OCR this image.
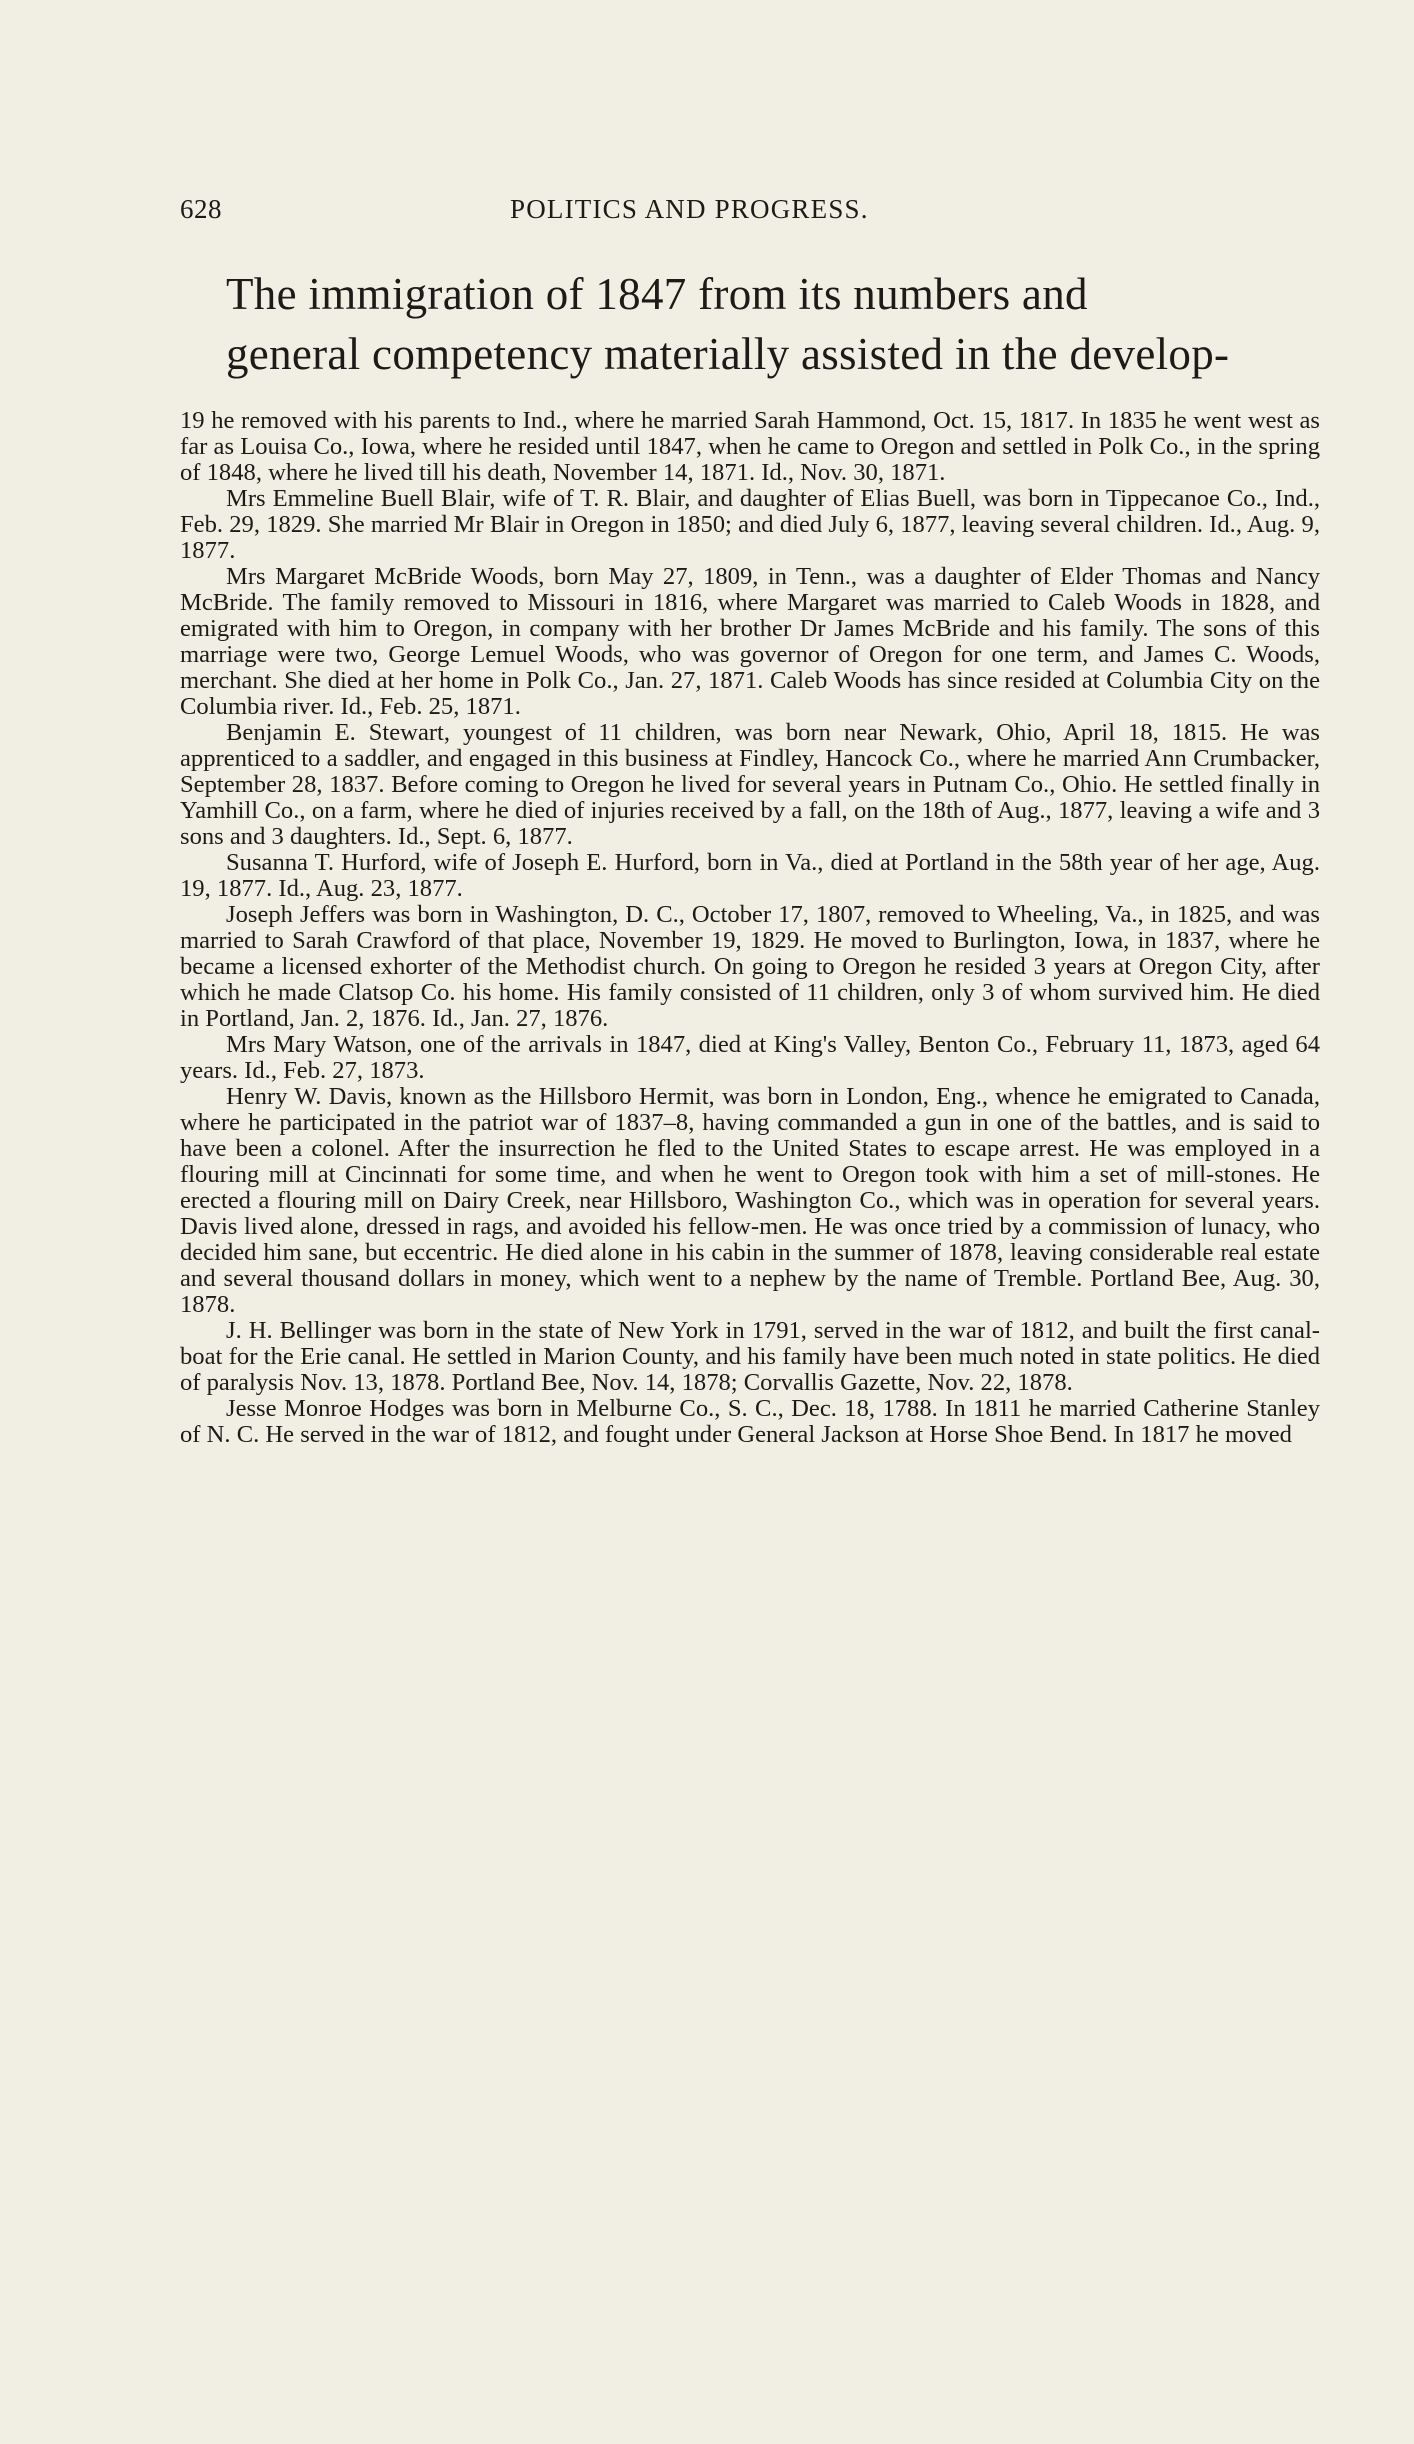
628	POLITICS AND PROGRESS.

The immigration of 1847 from its numbers and

general competency materially assisted in the develop-

19 he removed with his parents to Ind., where he married Sarah Hammond, Oct. 15, 1817. In 1835 he went west as far as Louisa Co., Iowa, where he resided until 1847, when he came to Oregon and settled in Polk Co., in the spring of 1848, where he lived till his death, November 14, 1871. Id., Nov. 30, 1871.

Mrs Emmeline Buell Blair, wife of T. R. Blair, and daughter of Elias Buell, was born in Tippecanoe Co., Ind., Feb. 29, 1829. She married Mr Blair in Oregon in 1850; and died July 6, 1877, leaving several children. Id., Aug. 9, 1877.

Mrs Margaret McBride Woods, born May 27, 1809, in Tenn., was a daughter of Elder Thomas and Nancy McBride. The family removed to Missouri in 1816, where Margaret was married to Caleb Woods in 1828, and emigrated with him to Oregon, in company with her brother Dr James McBride and his family. The sons of this marriage were two, George Lemuel Woods, who was governor of Oregon for one term, and James C. Woods, merchant. She died at her home in Polk Co., Jan. 27, 1871. Caleb Woods has since resided at Columbia City on the Columbia river. Id., Feb. 25, 1871.

Benjamin E. Stewart, youngest of 11 children, was born near Newark, Ohio, April 18, 1815. He was apprenticed to a saddler, and engaged in this business at Findley, Hancock Co., where he married Ann Crumbacker, September 28, 1837. Before coming to Oregon he lived for several years in Putnam Co., Ohio. He settled finally in Yamhill Co., on a farm, where he died of injuries received by a fall, on the 18th of Aug., 1877, leaving a wife and 3 sons and 3 daughters. Id., Sept. 6, 1877.

Susanna T. Hurford, wife of Joseph E. Hurford, born in Va., died at Portland in the 58th year of her age, Aug. 19, 1877. Id., Aug. 23, 1877.

Joseph Jeffers was born in Washington, D. C., October 17, 1807, removed to Wheeling, Va., in 1825, and was married to Sarah Crawford of that place, November 19, 1829. He moved to Burlington, Iowa, in 1837, where he became a licensed exhorter of the Methodist church. On going to Oregon he resided 3 years at Oregon City, after which he made Clatsop Co. his home. His family consisted of 11 children, only 3 of whom survived him. He died in Portland, Jan. 2, 1876. Id., Jan. 27, 1876.

Mrs Mary Watson, one of the arrivals in 1847, died at King's Valley, Benton Co., February 11, 1873, aged 64 years. Id., Feb. 27, 1873.

Henry W. Davis, known as the Hillsboro Hermit, was born in London, Eng., whence he emigrated to Canada, where he participated in the patriot war of 1837–8, having commanded a gun in one of the battles, and is said to have been a colonel. After the insurrection he fled to the United States to escape arrest. He was employed in a flouring mill at Cincinnati for some time, and when he went to Oregon took with him a set of mill-stones. He erected a flouring mill on Dairy Creek, near Hillsboro, Washington Co., which was in operation for several years. Davis lived alone, dressed in rags, and avoided his fellow-men. He was once tried by a commission of lunacy, who decided him sane, but eccentric. He died alone in his cabin in the summer of 1878, leaving considerable real estate and several thousand dollars in money, which went to a nephew by the name of Tremble. Portland Bee, Aug. 30, 1878.

J. H. Bellinger was born in the state of New York in 1791, served in the war of 1812, and built the first canal-boat for the Erie canal. He settled in Marion County, and his family have been much noted in state politics. He died of paralysis Nov. 13, 1878. Portland Bee, Nov. 14, 1878; Corvallis Gazette, Nov. 22, 1878.

Jesse Monroe Hodges was born in Melburne Co., S. C., Dec. 18, 1788. In 1811 he married Catherine Stanley of N. C. He served in the war of 1812, and fought under General Jackson at Horse Shoe Bend. In 1817 he moved
